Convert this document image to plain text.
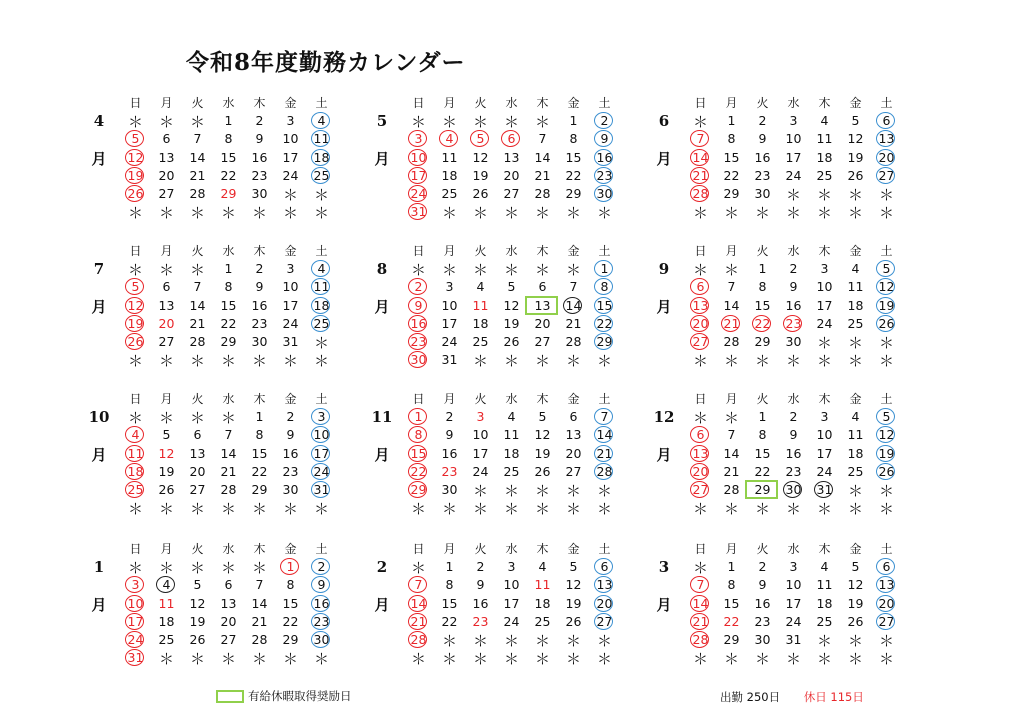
令和8年度勤務カレンダー
4
月
日	月	火	水	木	金	土
＊	＊	＊	1	2	3	4
5	6	7	8	9	10	11
12	13	14	15	16	17	18
19	20	21	22	23	24	25
26	27	28	29	30	＊	＊
＊	＊	＊	＊	＊	＊	＊
5
月
日	月	火	水	木	金	土
＊	＊	＊	＊	＊	1	2
3	4	5	6	7	8	9
10	11	12	13	14	15	16
17	18	19	20	21	22	23
24	25	26	27	28	29	30
31	＊	＊	＊	＊	＊	＊
6
月
日	月	火	水	木	金	土
＊	1	2	3	4	5	6
7	8	9	10	11	12	13
14	15	16	17	18	19	20
21	22	23	24	25	26	27
28	29	30	＊	＊	＊	＊
＊	＊	＊	＊	＊	＊	＊
7
月
日	月	火	水	木	金	土
＊	＊	＊	1	2	3	4
5	6	7	8	9	10	11
12	13	14	15	16	17	18
19	20	21	22	23	24	25
26	27	28	29	30	31	＊
＊	＊	＊	＊	＊	＊	＊
8
月
日	月	火	水	木	金	土
＊	＊	＊	＊	＊	＊	1
2	3	4	5	6	7	8
9	10	11	12	13	14	15
16	17	18	19	20	21	22
23	24	25	26	27	28	29
30	31	＊	＊	＊	＊	＊
9
月
日	月	火	水	木	金	土
＊	＊	1	2	3	4	5
6	7	8	9	10	11	12
13	14	15	16	17	18	19
20	21	22	23	24	25	26
27	28	29	30	＊	＊	＊
＊	＊	＊	＊	＊	＊	＊
10
月
日	月	火	水	木	金	土
＊	＊	＊	＊	1	2	3
4	5	6	7	8	9	10
11	12	13	14	15	16	17
18	19	20	21	22	23	24
25	26	27	28	29	30	31
＊	＊	＊	＊	＊	＊	＊
11
月
日	月	火	水	木	金	土
1	2	3	4	5	6	7
8	9	10	11	12	13	14
15	16	17	18	19	20	21
22	23	24	25	26	27	28
29	30	＊	＊	＊	＊	＊
＊	＊	＊	＊	＊	＊	＊
12
月
日	月	火	水	木	金	土
＊	＊	1	2	3	4	5
6	7	8	9	10	11	12
13	14	15	16	17	18	19
20	21	22	23	24	25	26
27	28	29	30	31	＊	＊
＊	＊	＊	＊	＊	＊	＊
1
月
日	月	火	水	木	金	土
＊	＊	＊	＊	＊	1	2
3	4	5	6	7	8	9
10	11	12	13	14	15	16
17	18	19	20	21	22	23
24	25	26	27	28	29	30
31	＊	＊	＊	＊	＊	＊
2
月
日	月	火	水	木	金	土
＊	1	2	3	4	5	6
7	8	9	10	11	12	13
14	15	16	17	18	19	20
21	22	23	24	25	26	27
28	＊	＊	＊	＊	＊	＊
＊	＊	＊	＊	＊	＊	＊
3
月
日	月	火	水	木	金	土
＊	1	2	3	4	5	6
7	8	9	10	11	12	13
14	15	16	17	18	19	20
21	22	23	24	25	26	27
28	29	30	31	＊	＊	＊
＊	＊	＊	＊	＊	＊	＊
有給休暇取得奨励日	出勤 250日 休日 115日
